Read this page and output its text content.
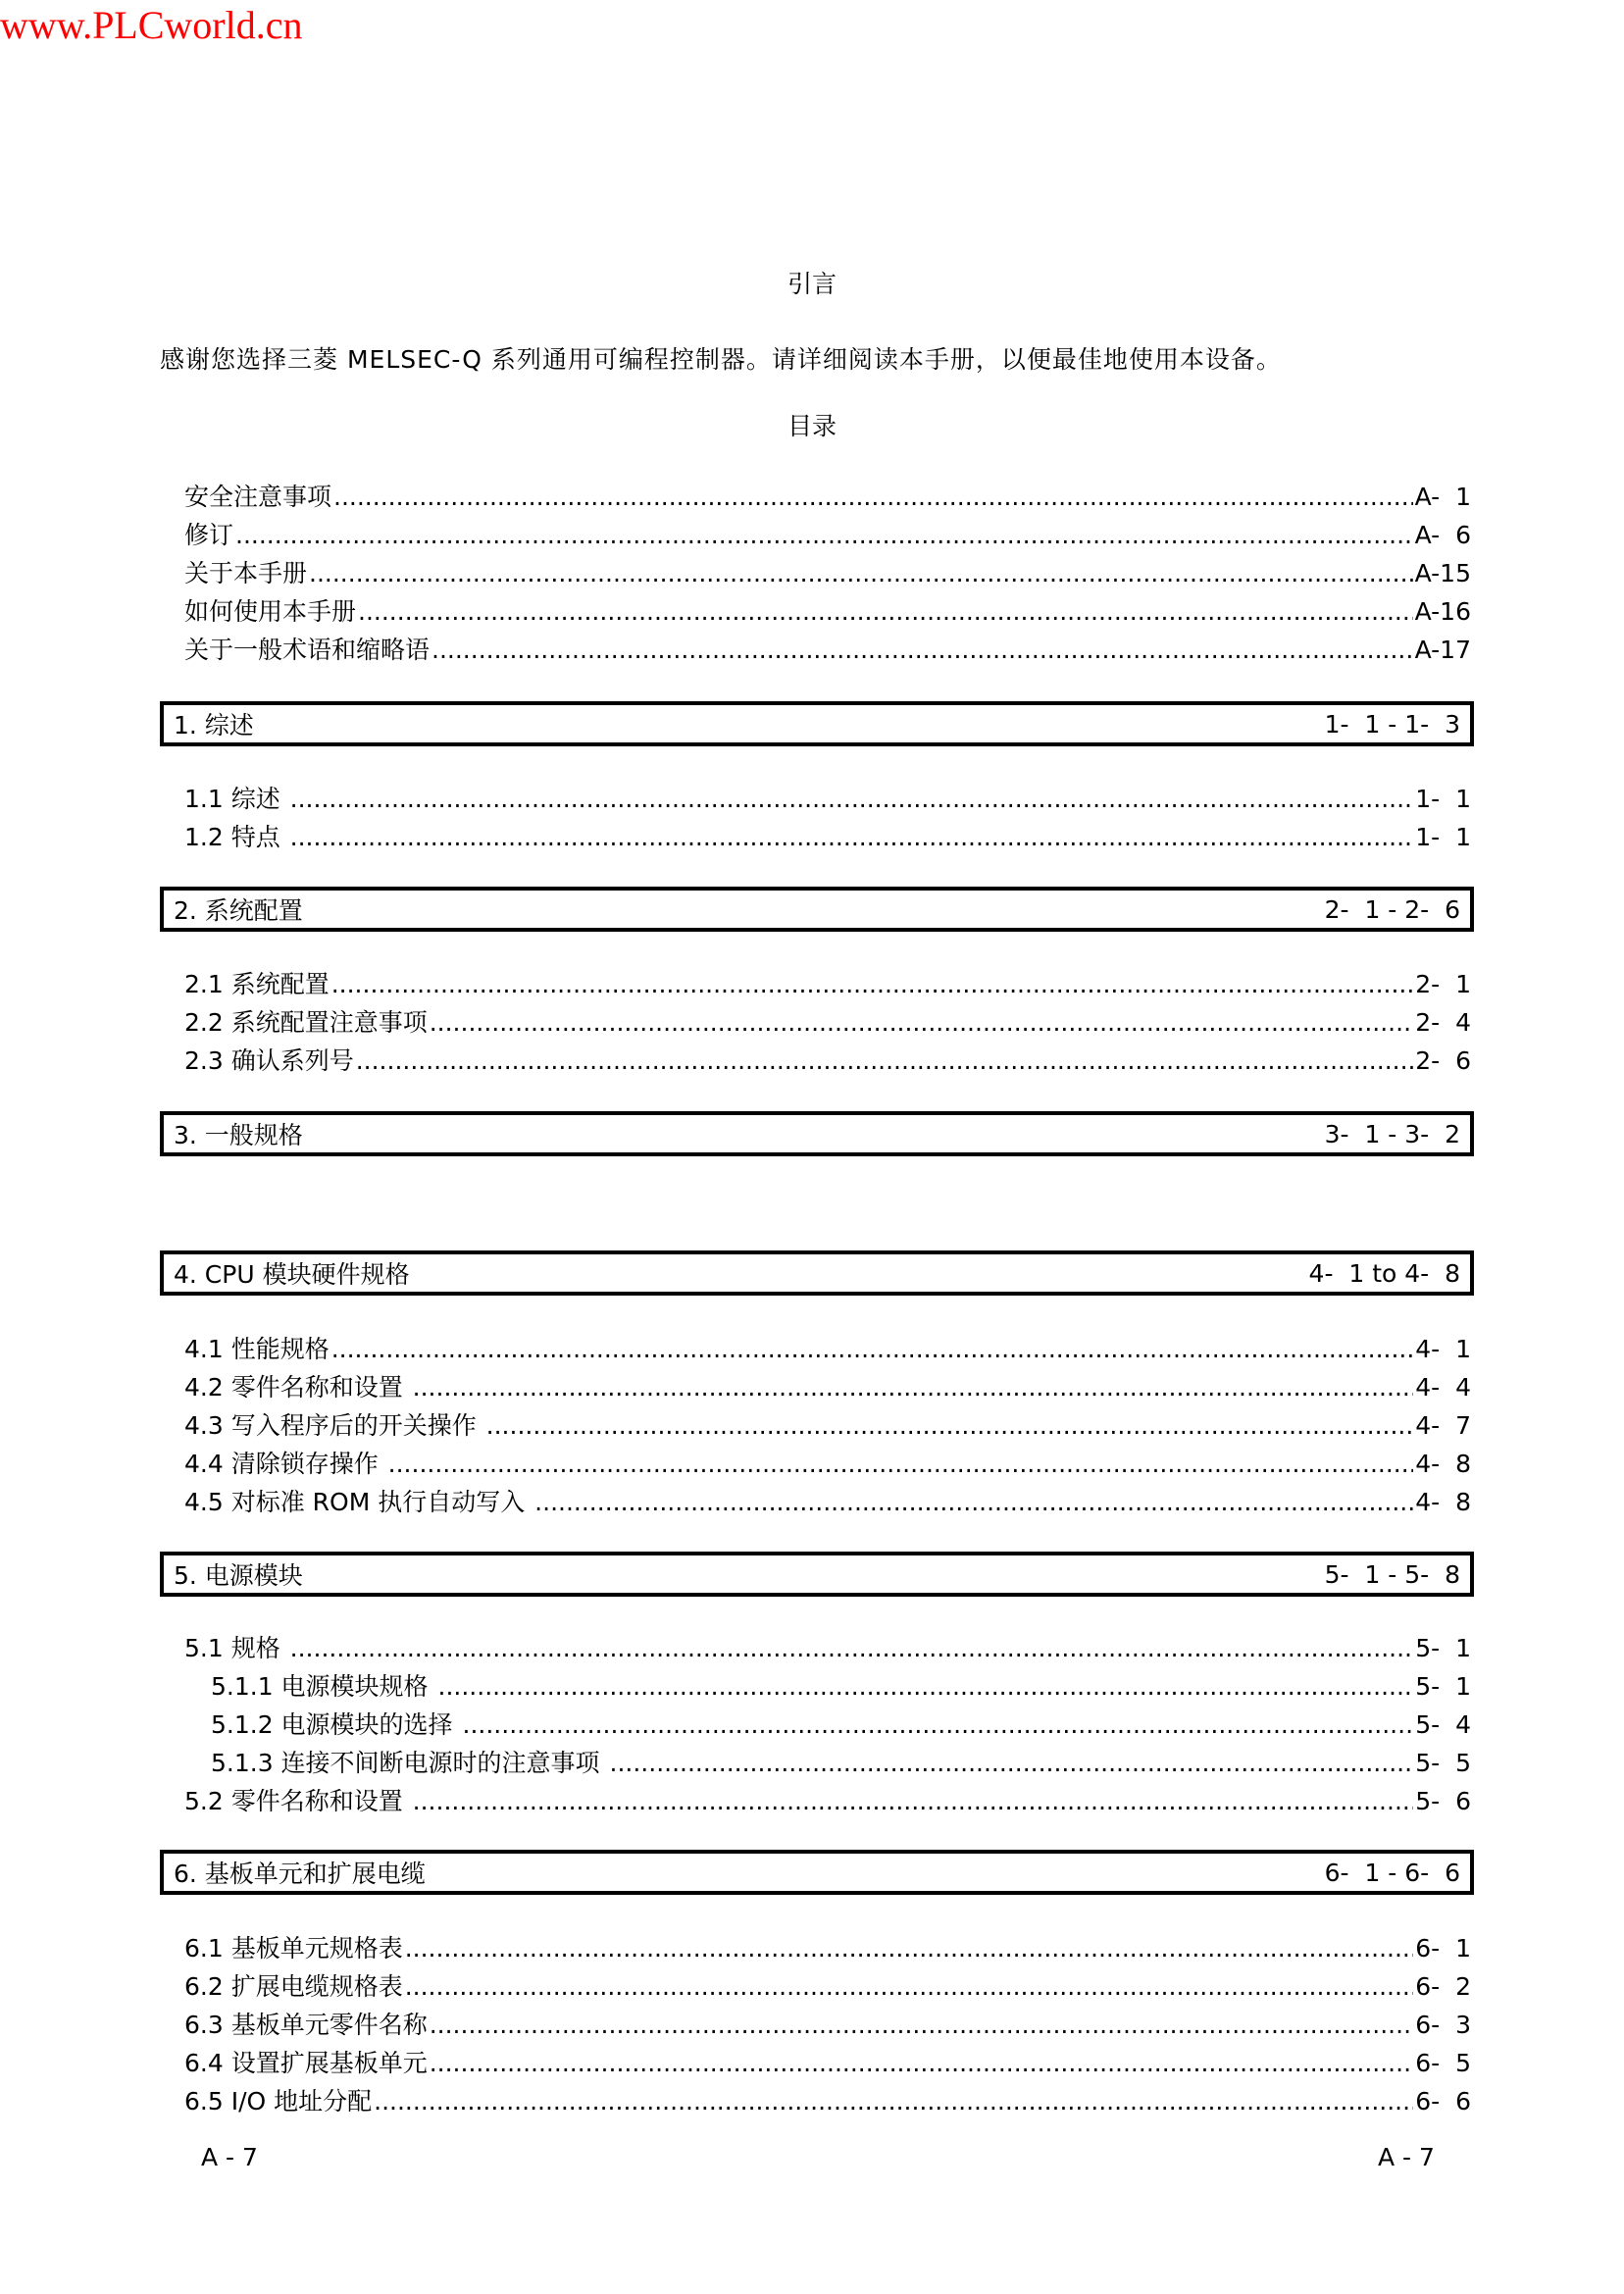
www.PLCworld.cn
引言
感谢您选择三菱 MELSEC-Q 系列通用可编程控制器。请详细阅读本手册，以便最佳地使用本设备。
目录
安全注意事项 .....	A-  1
修订 .....	A-  6
关于本手册 .....	A-15
如何使用本手册 .....	A-16
关于一般术语和缩略语 .....	A-17
1. 综述	1-  1 - 1-  3
1.1 综述 .....	1-  1
1.2 特点 .....	1-  1
2. 系统配置	2-  1 - 2-  6
2.1 系统配置 .....	2-  1
2.2 系统配置注意事项 .....	2-  4
2.3 确认系列号 .....	2-  6
3. 一般规格	3-  1 - 3-  2
4. CPU 模块硬件规格	4-  1 to 4-  8
4.1 性能规格 .....	4-  1
4.2 零件名称和设置 .....	4-  4
4.3 写入程序后的开关操作 .....	4-  7
4.4 清除锁存操作 .....	4-  8
4.5 对标准 ROM 执行自动写入 .....	4-  8
5. 电源模块	5-  1 - 5-  8
5.1 规格 .....	5-  1
5.1.1 电源模块规格 .....	5-  1
5.1.2 电源模块的选择 .....	5-  4
5.1.3 连接不间断电源时的注意事项 .....	5-  5
5.2 零件名称和设置 .....	5-  6
6. 基板单元和扩展电缆	6-  1 - 6-  6
6.1 基板单元规格表 .....	6-  1
6.2 扩展电缆规格表 .....	6-  2
6.3 基板单元零件名称 .....	6-  3
6.4 设置扩展基板单元 .....	6-  5
6.5 I/O 地址分配 .....	6-  6
A - 7	A - 7
